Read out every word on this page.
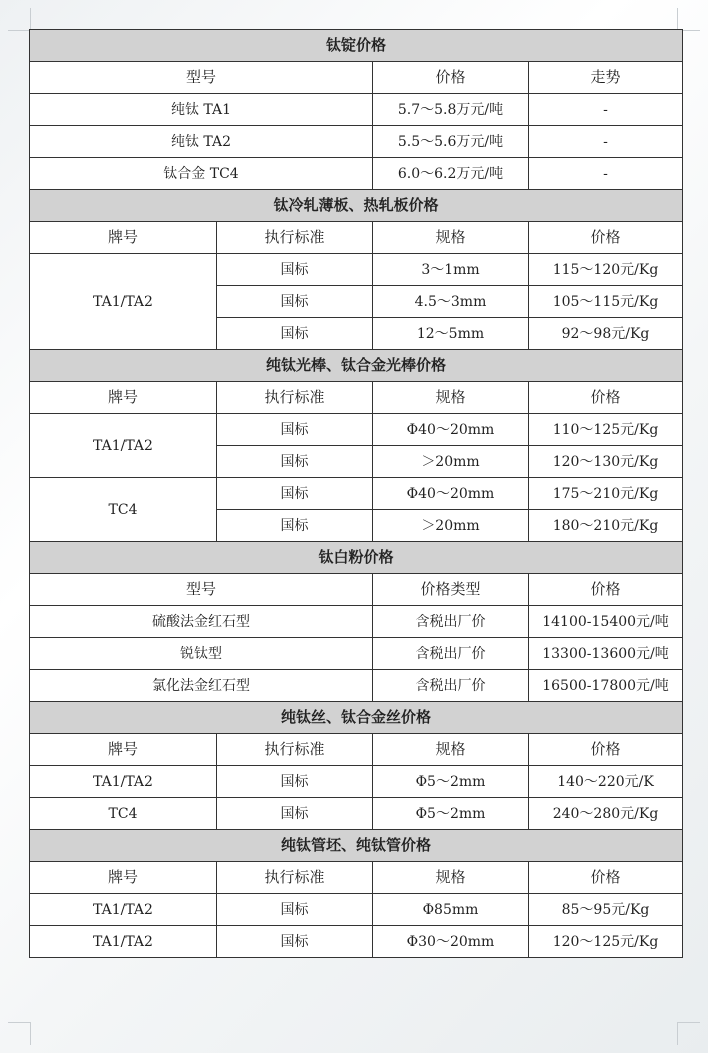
钛锭价格			
型号		价格	走势
纯钛 TA1		5.7～5.8万元/吨	-
纯钛 TA2		5.5～5.6万元/吨	-
钛合金 TC4		6.0～6.2万元/吨	-
钛冷轧薄板、热轧板价格			
牌号	执行标准	规格	价格
TA1/TA2	国标	3～1mm	115～120元/Kg
	国标	4.5～3mm	105～115元/Kg
	国标	12～5mm	92～98元/Kg
纯钛光棒、钛合金光棒价格			
牌号	执行标准	规格	价格
TA1/TA2	国标	Φ40～20mm	110～125元/Kg
	国标	＞20mm	120～130元/Kg
TC4	国标	Φ40～20mm	175～210元/Kg
	国标	＞20mm	180～210元/Kg
钛白粉价格			
型号		价格类型	价格
硫酸法金红石型		含税出厂价	14100-15400元/吨
锐钛型		含税出厂价	13300-13600元/吨
氯化法金红石型		含税出厂价	16500-17800元/吨
纯钛丝、钛合金丝价格			
牌号	执行标准	规格	价格
TA1/TA2	国标	Φ5～2mm	140～220元/K
TC4	国标	Φ5～2mm	240～280元/Kg
纯钛管坯、纯钛管价格			
牌号	执行标准	规格	价格
TA1/TA2	国标	Φ85mm	85～95元/Kg
TA1/TA2	国标	Φ30～20mm	120～125元/Kg
